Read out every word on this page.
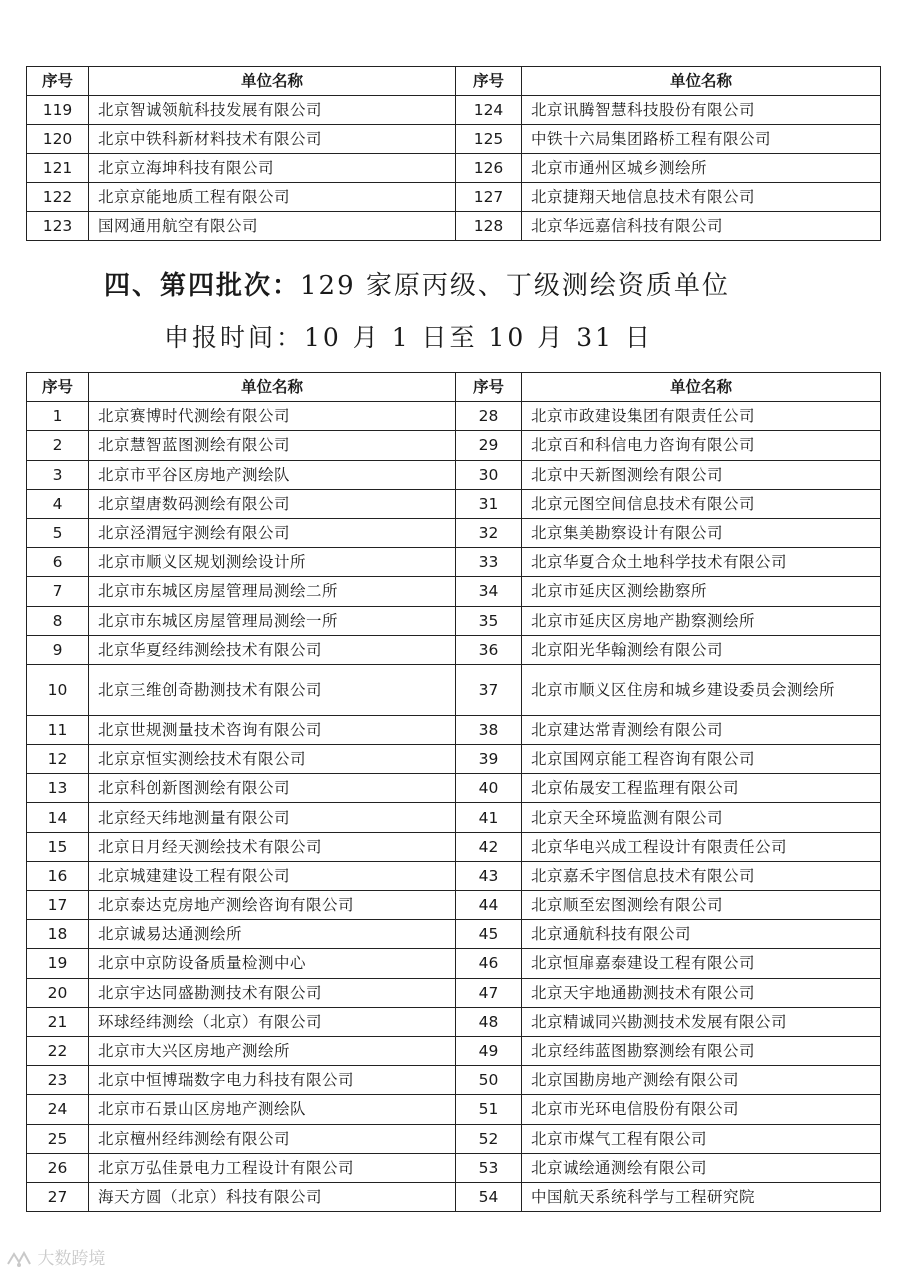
序号	单位名称	序号	单位名称
119	北京智诚领航科技发展有限公司	124	北京讯腾智慧科技股份有限公司
120	北京中铁科新材料技术有限公司	125	中铁十六局集团路桥工程有限公司
121	北京立海坤科技有限公司	126	北京市通州区城乡测绘所
122	北京京能地质工程有限公司	127	北京捷翔天地信息技术有限公司
123	国网通用航空有限公司	128	北京华远嘉信科技有限公司
四、第四批次：129 家原丙级、丁级测绘资质单位
申报时间：10 月 1 日至 10 月 31 日
序号	单位名称	序号	单位名称
1	北京赛博时代测绘有限公司	28	北京市政建设集团有限责任公司
2	北京慧智蓝图测绘有限公司	29	北京百和科信电力咨询有限公司
3	北京市平谷区房地产测绘队	30	北京中天新图测绘有限公司
4	北京望唐数码测绘有限公司	31	北京元图空间信息技术有限公司
5	北京泾渭冠宇测绘有限公司	32	北京集美勘察设计有限公司
6	北京市顺义区规划测绘设计所	33	北京华夏合众土地科学技术有限公司
7	北京市东城区房屋管理局测绘二所	34	北京市延庆区测绘勘察所
8	北京市东城区房屋管理局测绘一所	35	北京市延庆区房地产勘察测绘所
9	北京华夏经纬测绘技术有限公司	36	北京阳光华翰测绘有限公司
10	北京三维创奇勘测技术有限公司	37	北京市顺义区住房和城乡建设委员会测绘所
11	北京世规测量技术咨询有限公司	38	北京建达常青测绘有限公司
12	北京京恒实测绘技术有限公司	39	北京国网京能工程咨询有限公司
13	北京科创新图测绘有限公司	40	北京佑晟安工程监理有限公司
14	北京经天纬地测量有限公司	41	北京天全环境监测有限公司
15	北京日月经天测绘技术有限公司	42	北京华电兴成工程设计有限责任公司
16	北京城建建设工程有限公司	43	北京嘉禾宇图信息技术有限公司
17	北京泰达克房地产测绘咨询有限公司	44	北京顺至宏图测绘有限公司
18	北京诚易达通测绘所	45	北京通航科技有限公司
19	北京中京防设备质量检测中心	46	北京恒扉嘉泰建设工程有限公司
20	北京宇达同盛勘测技术有限公司	47	北京天宇地通勘测技术有限公司
21	环球经纬测绘（北京）有限公司	48	北京精诚同兴勘测技术发展有限公司
22	北京市大兴区房地产测绘所	49	北京经纬蓝图勘察测绘有限公司
23	北京中恒博瑞数字电力科技有限公司	50	北京国勘房地产测绘有限公司
24	北京市石景山区房地产测绘队	51	北京市光环电信股份有限公司
25	北京檀州经纬测绘有限公司	52	北京市煤气工程有限公司
26	北京万弘佳景电力工程设计有限公司	53	北京诚绘通测绘有限公司
27	海天方圆（北京）科技有限公司	54	中国航天系统科学与工程研究院
大数跨境
